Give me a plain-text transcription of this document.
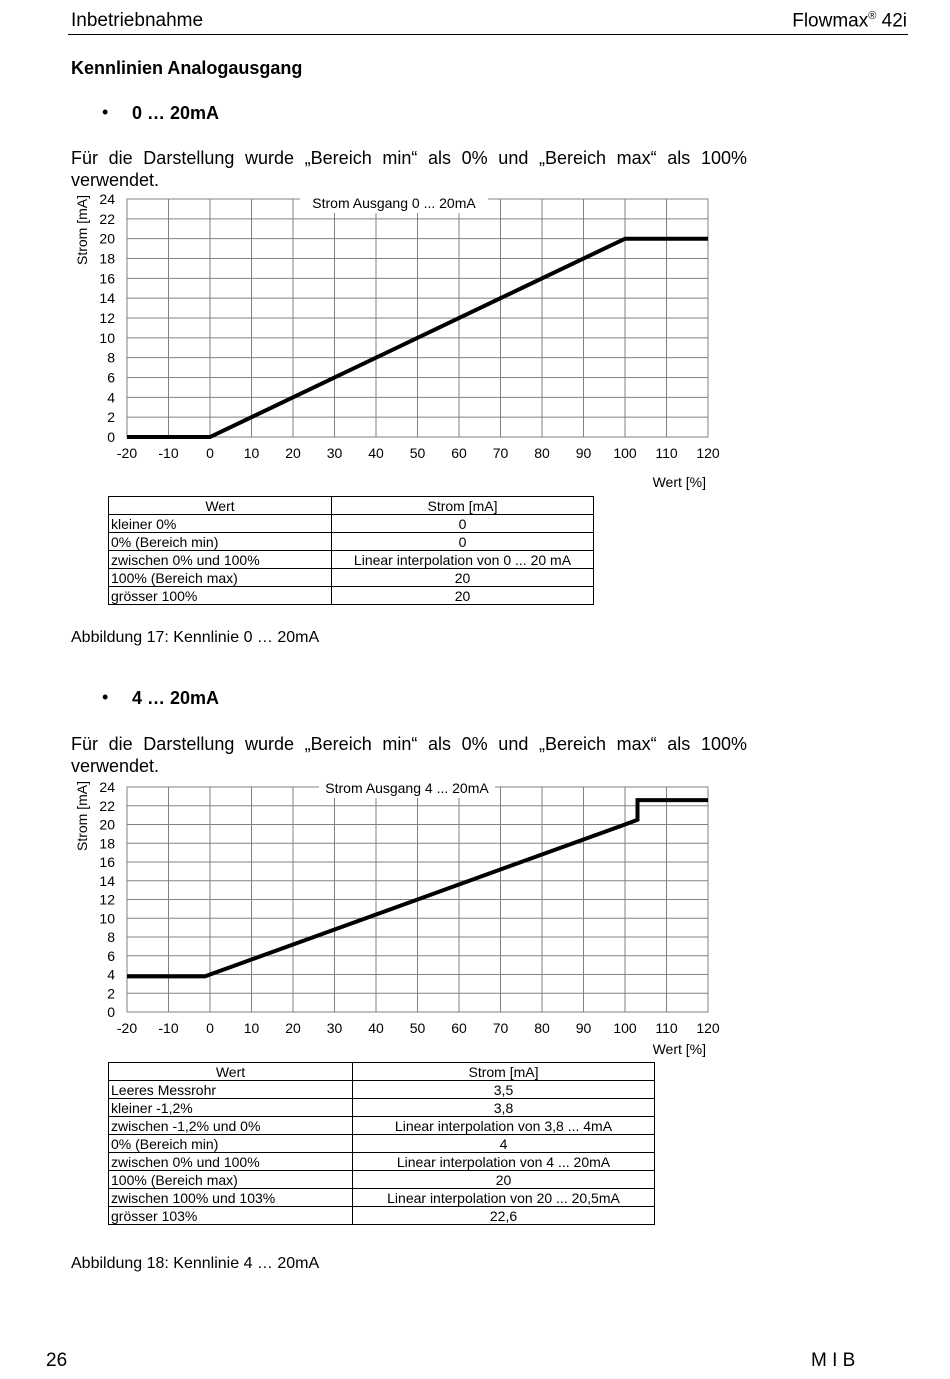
Inbetriebnahme	Flowmax® 42i
Kennlinien Analogausgang
• 0 … 20mA
Für die Darstellung wurde „Bereich min“ als 0% und „Bereich max“ als 100%
verwendet.
-20 -10 0 10 20 30 40 50 60 70 80 90 100 110 120
0
2
4
6
8
10
12
14
16
18
20
22
24	Strom Ausgang 0 ... 20mA
Wert [%]
Strom [mA]
Wert	Strom [mA]
kleiner 0%	0
0% (Bereich min)	0
zwischen 0% und 100%	Linear interpolation von 0 ... 20 mA
100% (Bereich max)	20
grösser 100%	20
Abbildung 17: Kennlinie 0 … 20mA
• 4 … 20mA
Für die Darstellung wurde „Bereich min“ als 0% und „Bereich max“ als 100%
verwendet.
-20 -10 0 10 20 30 40 50 60 70 80 90 100 110 120
0
2
4
6
8
10
12
14
16
18
20
22
24	Strom Ausgang 4 ... 20mA
Wert [%]
Strom [mA]
Wert	Strom [mA]
Leeres Messrohr	3,5
kleiner -1,2%	3,8
zwischen -1,2% und 0%	Linear interpolation von 3,8 ... 4mA
0% (Bereich min)	4
zwischen 0% und 100%	Linear interpolation von 4 ... 20mA
100% (Bereich max)	20
zwischen 100% und 103%	Linear interpolation von 20 ... 20,5mA
grösser 103%	22,6
Abbildung 18: Kennlinie 4 … 20mA
26	M I B
